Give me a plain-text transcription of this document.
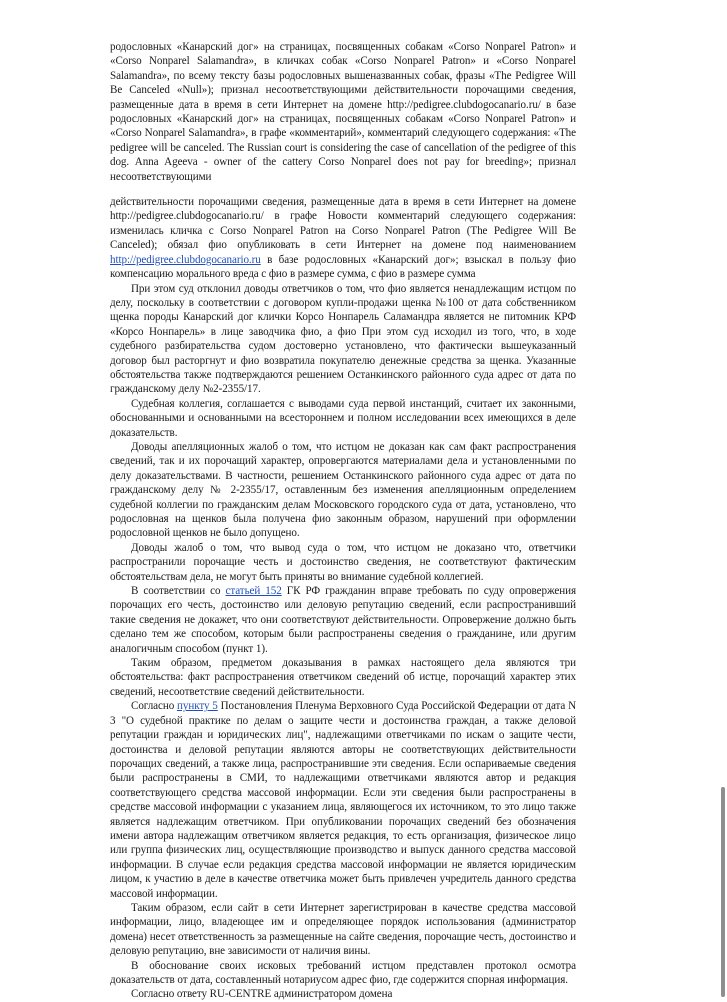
родословных «Канарский дог» на страницах, посвященных собакам «Corso Nonparel Patron» и «Corso Nonparel Salamandra», в кличках собак «Corso Nonparel Patron» и «Corso Nonparel Salamandra», по всему тексту базы родословных вышеназванных собак, фразы «The Pedigree Will Be Canceled «Null»); признал несоответствующими действительности порочащими сведения, размещенные дата в время в сети Интернет на домене http://pedigree.clubdogocanario.ru/ в базе родословных «Канарский дог» на страницах, посвященных собакам «Corso Nonparel Patron» и «Corso Nonparel Salamandra», в графе «комментарий», комментарий следующего содержания: «The pedigree will be canceled. The Russian court is considering the case of cancellation of the pedigree of this dog. Anna Ageeva - owner of the cattery Corso Nonparel does not pay for breeding»; признал несоответствующими

действительности порочащими сведения, размещенные дата в время в сети Интернет на домене http://pedigree.clubdogocanario.ru/ в графе Новости комментарий следующего содержания: изменилась кличка с Corso Nonparel Patron на Corso Nonparel Patron (The Pedigree Will Be Canceled); обязал фио опубликовать в сети Интернет на домене под наименованием http://pedigree.clubdogocanario.ru в базе родословных «Канарский дог»; взыскал в пользу фио компенсацию морального вреда с фио в размере сумма, с фио в размере сумма

При этом суд отклонил доводы ответчиков о том, что фио является ненадлежащим истцом по делу, поскольку в соответствии с договором купли-продажи щенка №100 от дата собственником щенка породы Канарский дог клички Корсо Нонпарель Саламандра является не питомник КРФ «Корсо Нонпарель» в лице заводчика фио, а фио При этом суд исходил из того, что, в ходе судебного разбирательства судом достоверно установлено, что фактически вышеуказанный договор был расторгнут и фио возвратила покупателю денежные средства за щенка. Указанные обстоятельства также подтверждаются решением Останкинского районного суда адрес от дата по гражданскому делу №2-2355/17.

Судебная коллегия, соглашается с выводами суда первой инстанций, считает их законными, обоснованными и основанными на всестороннем и полном исследовании всех имеющихся в деле доказательств.

Доводы апелляционных жалоб о том, что истцом не доказан как сам факт распространения сведений, так и их порочащий характер, опровергаются материалами дела и установленными по делу доказательствами. В частности, решением Останкинского районного суда адрес от дата по гражданскому делу № 2-2355/17, оставленным без изменения апелляционным определением судебной коллегии по гражданским делам Московского городского суда от дата, установлено, что родословная на щенков была получена фио законным образом, нарушений при оформлении родословной щенков не было допущено.

Доводы жалоб о том, что вывод суда о том, что истцом не доказано что, ответчики распространили порочащие честь и достоинство сведения, не соответствуют фактическим обстоятельствам дела, не могут быть приняты во внимание судебной коллегией.

В соответствии со статьей 152 ГК РФ гражданин вправе требовать по суду опровержения порочащих его честь, достоинство или деловую репутацию сведений, если распространивший такие сведения не докажет, что они соответствуют действительности. Опровержение должно быть сделано тем же способом, которым были распространены сведения о гражданине, или другим аналогичным способом (пункт 1).

Таким образом, предметом доказывания в рамках настоящего дела являются три обстоятельства: факт распространения ответчиком сведений об истце, порочащий характер этих сведений, несоответствие сведений действительности.

Согласно пункту 5 Постановления Пленума Верховного Суда Российской Федерации от дата N 3 "О судебной практике по делам о защите чести и достоинства граждан, а также деловой репутации граждан и юридических лиц", надлежащими ответчиками по искам о защите чести, достоинства и деловой репутации являются авторы не соответствующих действительности порочащих сведений, а также лица, распространившие эти сведения. Если оспариваемые сведения были распространены в СМИ, то надлежащими ответчиками являются автор и редакция соответствующего средства массовой информации. Если эти сведения были распространены в средстве массовой информации с указанием лица, являющегося их источником, то это лицо также является надлежащим ответчиком. При опубликовании порочащих сведений без обозначения имени автора надлежащим ответчиком является редакция, то есть организация, физическое лицо или группа физических лиц, осуществляющие производство и выпуск данного средства массовой информации. В случае если редакция средства массовой информации не является юридическим лицом, к участию в деле в качестве ответчика может быть привлечен учредитель данного средства массовой информации.

Таким образом, если сайт в сети Интернет зарегистрирован в качестве средства массовой информации, лицо, владеющее им и определяющее порядок использования (администратор домена) несет ответственность за размещенные на сайте сведения, порочащие честь, достоинство и деловую репутацию, вне зависимости от наличия вины.

В обоснование своих исковых требований истцом представлен протокол осмотра доказательств от дата, составленный нотариусом адрес фио, где содержится спорная информация.

Согласно ответу RU-CENTRE администратором домена
